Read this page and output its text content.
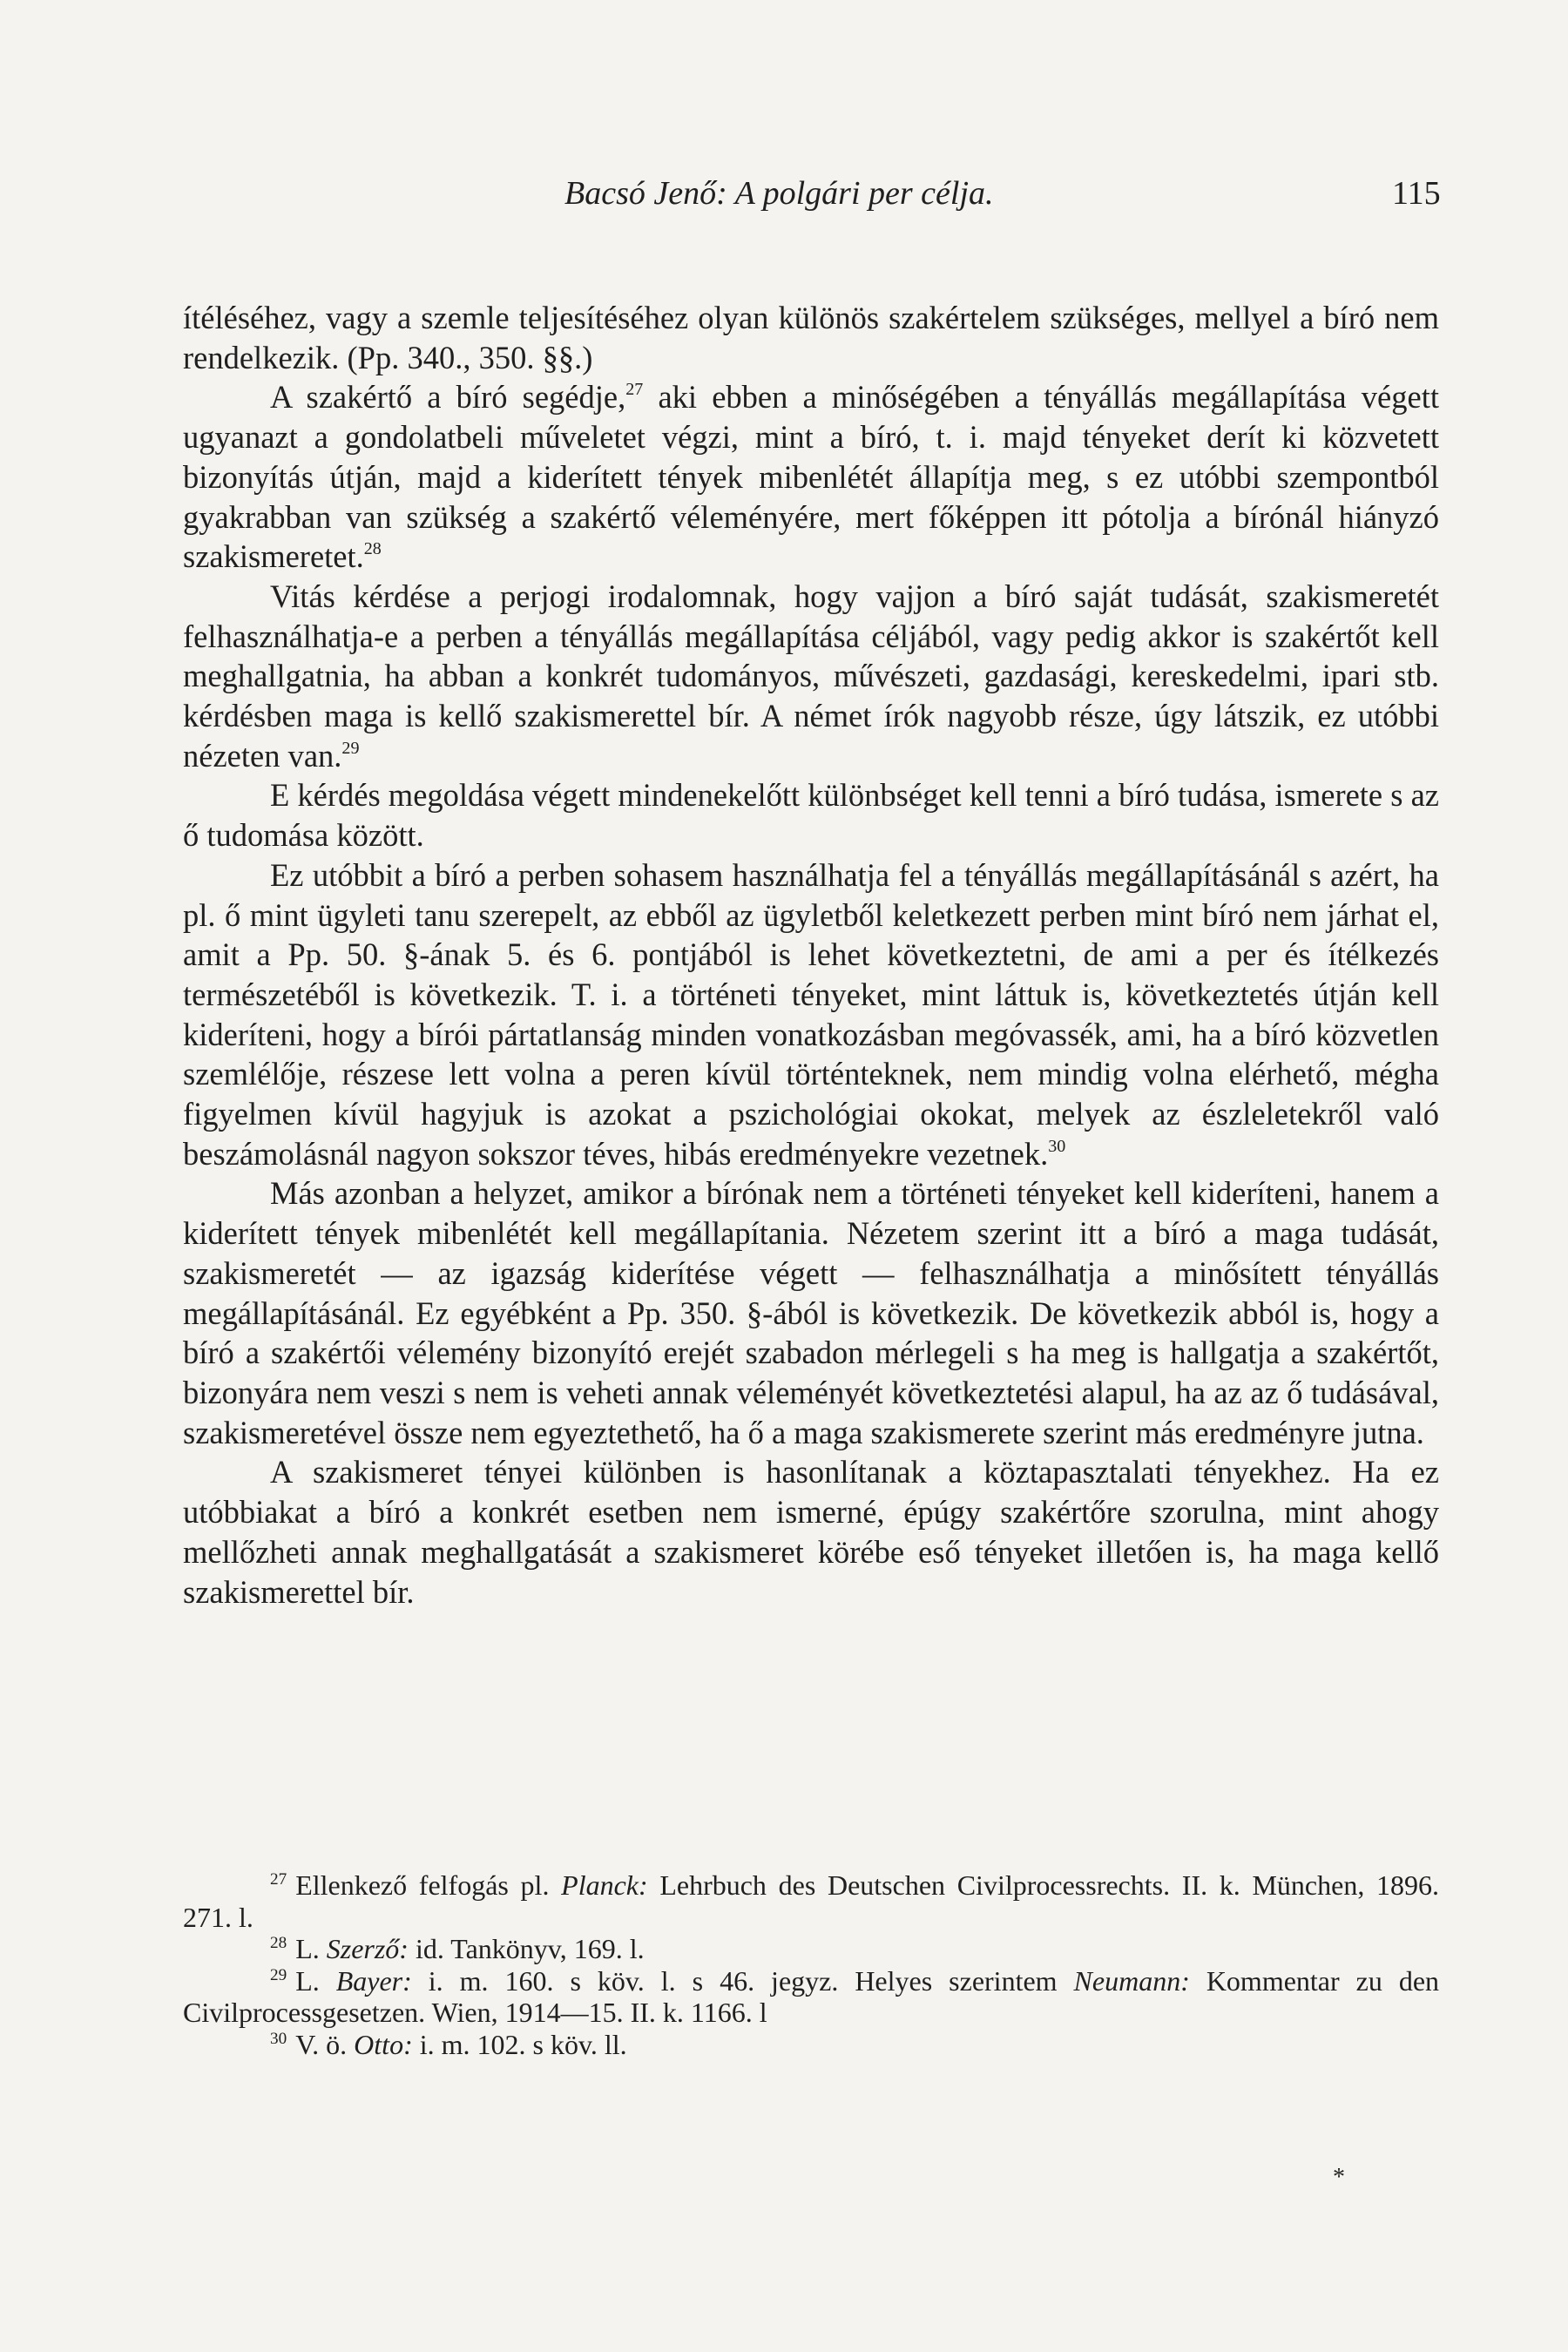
Bacsó Jenő: A polgári per célja.	115

ítéléséhez, vagy a szemle teljesítéséhez olyan különös szakértelem szükséges, mellyel a bíró nem rendelkezik. (Pp. 340., 350. §§.)

A szakértő a bíró segédje,$^{27}$ aki ebben a minőségében a tényállás megállapítása végett ugyanazt a gondolatbeli műveletet végzi, mint a bíró, t. i. majd tényeket derít ki közvetett bizonyítás útján, majd a kiderített tények mibenlétét állapítja meg, s ez utóbbi szempontból gyakrabban van szükség a szakértő véleményére, mert főképpen itt pótolja a bírónál hiányzó szakismeretet.$^{28}$

Vitás kérdése a perjogi irodalomnak, hogy vajjon a bíró saját tudását, szakismeretét felhasználhatja-e a perben a tényállás megállapítása céljából, vagy pedig akkor is szakértőt kell meghallgatnia, ha abban a konkrét tudományos, művészeti, gazdasági, kereskedelmi, ipari stb. kérdésben maga is kellő szakismerettel bír. A német írók nagyobb része, úgy látszik, ez utóbbi nézeten van.$^{29}$

E kérdés megoldása végett mindenekelőtt különbséget kell tenni a bíró tudása, ismerete s az ő tudomása között.

Ez utóbbit a bíró a perben sohasem használhatja fel a tényállás megállapításánál s azért, ha pl. ő mint ügyleti tanu szerepelt, az ebből az ügyletből keletkezett perben mint bíró nem járhat el, amit a Pp. 50. §-ának 5. és 6. pontjából is lehet következtetni, de ami a per és ítélkezés természetéből is következik. T. i. a történeti tényeket, mint láttuk is, következtetés útján kell kideríteni, hogy a bírói pártatlanság minden vonatkozásban megóvassék, ami, ha a bíró közvetlen szemlélője, részese lett volna a peren kívül történteknek, nem mindig volna elérhető, mégha figyelmen kívül hagyjuk is azokat a pszichológiai okokat, melyek az észleletekről való beszámolásnál nagyon sokszor téves, hibás eredményekre vezetnek.$^{30}$

Más azonban a helyzet, amikor a bírónak nem a történeti tényeket kell kideríteni, hanem a kiderített tények mibenlétét kell megállapítania. Nézetem szerint itt a bíró a maga tudását, szakismeretét — az igazság kiderítése végett — felhasználhatja a minősített tényállás megállapításánál. Ez egyébként a Pp. 350. §-ából is következik. De következik abból is, hogy a bíró a szakértői vélemény bizonyító erejét szabadon mérlegeli s ha meg is hallgatja a szakértőt, bizonyára nem veszi s nem is veheti annak véleményét következtetési alapul, ha az az ő tudásával, szakismeretével össze nem egyeztethető, ha ő a maga szakismerete szerint más eredményre jutna.

A szakismeret tényei különben is hasonlítanak a köztapasztalati tényekhez. Ha ez utóbbiakat a bíró a konkrét esetben nem ismerné, épúgy szakértőre szorulna, mint ahogy mellőzheti annak meghallgatását a szakismeret körébe eső tényeket illetően is, ha maga kellő szakismerettel bír.

$^{27}$ Ellenkező felfogás pl. Planck: Lehrbuch des Deutschen Civilprocessrechts. II. k. München, 1896. 271. l.

$^{28}$ L. Szerző: id. Tankönyv, 169. l.

$^{29}$ L. Bayer: i. m. 160. s köv. l. s 46. jegyz. Helyes szerintem Neumann: Kommentar zu den Civilprocessgesetzen. Wien, 1914—15. II. k. 1166. l

$^{30}$ V. ö. Otto: i. m. 102. s köv. ll.

*
